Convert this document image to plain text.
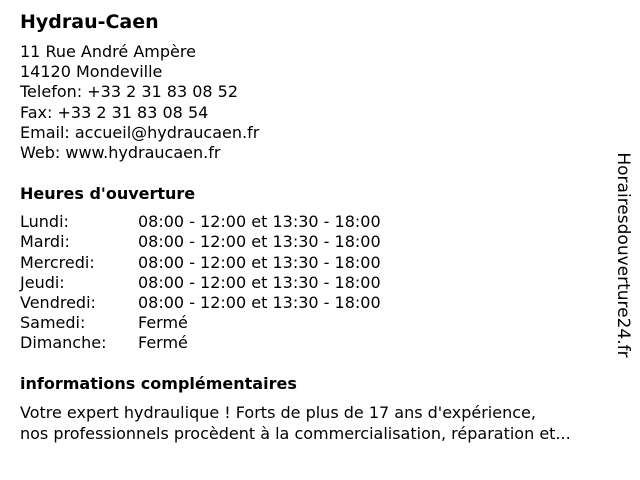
Hydrau-Caen
11 Rue André Ampère
14120 Mondeville
Telefon: +33 2 31 83 08 52
Fax: +33 2 31 83 08 54
Email: accueil@hydraucaen.fr
Web: www.hydraucaen.fr
Heures d'ouverture
Lundi:	08:00 - 12:00 et 13:30 - 18:00
Mardi:	08:00 - 12:00 et 13:30 - 18:00
Mercredi:	08:00 - 12:00 et 13:30 - 18:00
Jeudi:	08:00 - 12:00 et 13:30 - 18:00
Vendredi:	08:00 - 12:00 et 13:30 - 18:00
Samedi:	Fermé
Dimanche:	Fermé
informations complémentaires
Votre expert hydraulique ! Forts de plus de 17 ans d'expérience,
nos professionnels procèdent à la commercialisation, réparation et...
Horairesdouverture24.fr
